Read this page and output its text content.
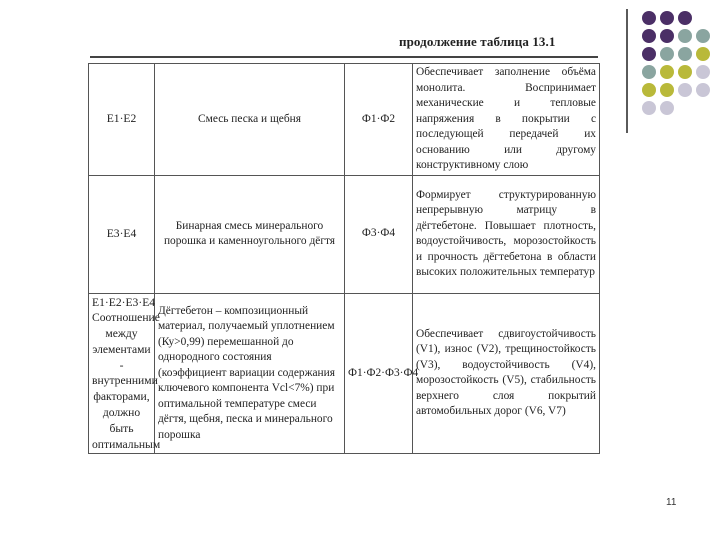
продолжение таблица 13.1
Е1·Е2	Смесь песка и щебня	Ф1·Ф2	Обеспечивает заполнение объёма монолита. Воспринимает механические и тепловые напряжения в покрытии с последующей передачей их основанию или другому конструктивному слою
Е3·Е4	Бинарная смесь минерального порошка и каменноугольного дёгтя	Ф3·Ф4	Формирует структурированную непрерывную матрицу в дёгтебетоне. Повышает плотность, водоустойчивость, морозостойкость и прочность дёгтебетона в области высоких положительных температур
Е1·Е2·Е3·Е4 Соотношение между элементами - внутренними факторами, должно быть оптимальным	Дёгтебетон – композиционный материал, получаемый уплотнением (Ку>0,99) перемешанной до однородного состояния (коэффициент вариации содержания ключевого компонента Vсl<7%) при оптимальной температуре смеси дёгтя, щебня, песка и минерального порошка	Ф1·Ф2·Ф3·Ф4	Обеспечивает сдвигоустойчивость (V1), износ (V2), трещиностойкость (V3), водоустойчивость (V4), морозостойкость (V5), стабильность верхнего слоя покрытий автомобильных дорог (V6, V7)
11
